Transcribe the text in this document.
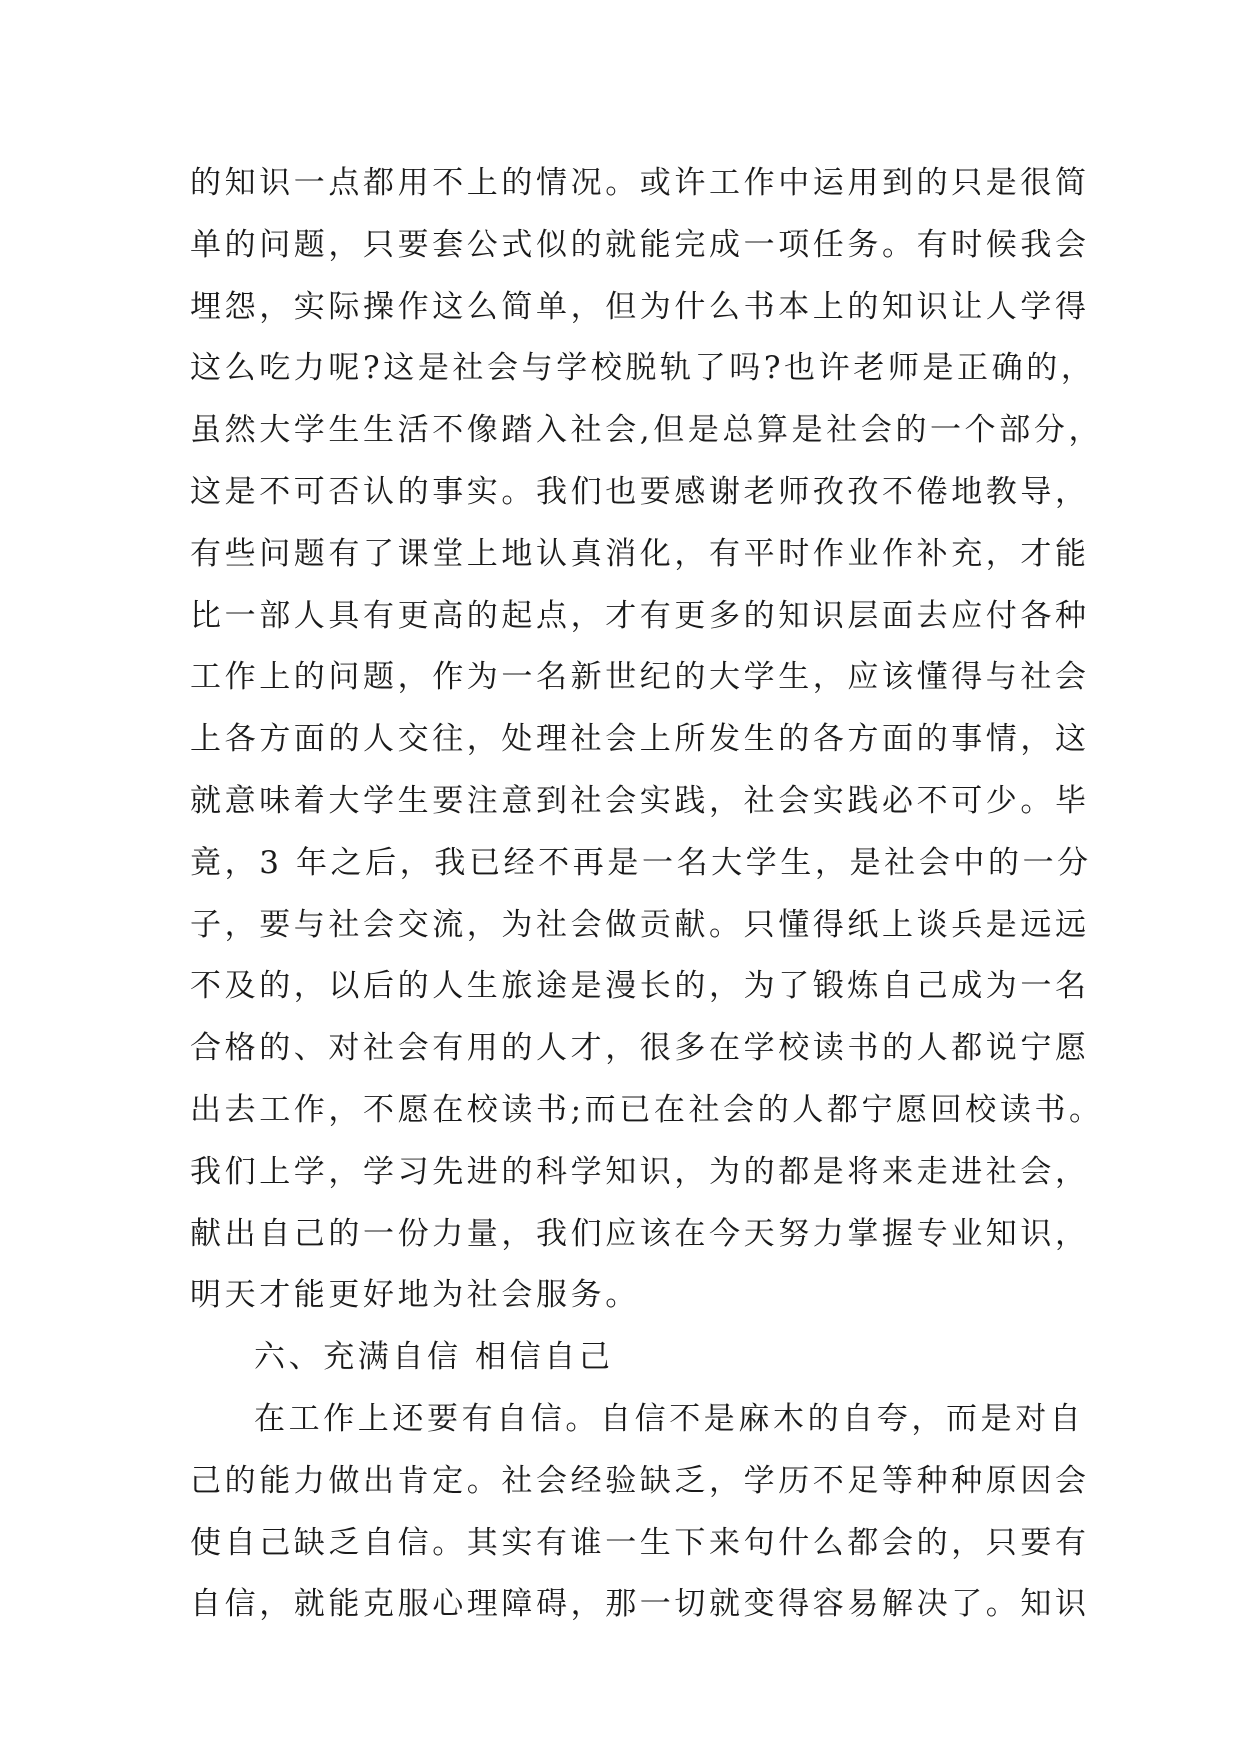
的知识一点都用不上的情况。或许工作中运用到的只是很简
单的问题，只要套公式似的就能完成一项任务。有时候我会
埋怨，实际操作这么简单，但为什么书本上的知识让人学得
这么吃力呢?这是社会与学校脱轨了吗?也许老师是正确的，
虽然大学生生活不像踏入社会,但是总算是社会的一个部分，
这是不可否认的事实。我们也要感谢老师孜孜不倦地教导，
有些问题有了课堂上地认真消化，有平时作业作补充，才能
比一部人具有更高的起点，才有更多的知识层面去应付各种
工作上的问题，作为一名新世纪的大学生，应该懂得与社会
上各方面的人交往，处理社会上所发生的各方面的事情，这
就意味着大学生要注意到社会实践，社会实践必不可少。毕
竟，3 年之后，我已经不再是一名大学生，是社会中的一分
子，要与社会交流，为社会做贡献。只懂得纸上谈兵是远远
不及的，以后的人生旅途是漫长的，为了锻炼自己成为一名
合格的、对社会有用的人才，很多在学校读书的人都说宁愿
出去工作，不愿在校读书;而已在社会的人都宁愿回校读书。
我们上学，学习先进的科学知识，为的都是将来走进社会，
献出自己的一份力量，我们应该在今天努力掌握专业知识，
明天才能更好地为社会服务。
六、充满自信 相信自己
在工作上还要有自信。自信不是麻木的自夸，而是对自
己的能力做出肯定。社会经验缺乏，学历不足等种种原因会
使自己缺乏自信。其实有谁一生下来句什么都会的，只要有
自信，就能克服心理障碍，那一切就变得容易解决了。知识
